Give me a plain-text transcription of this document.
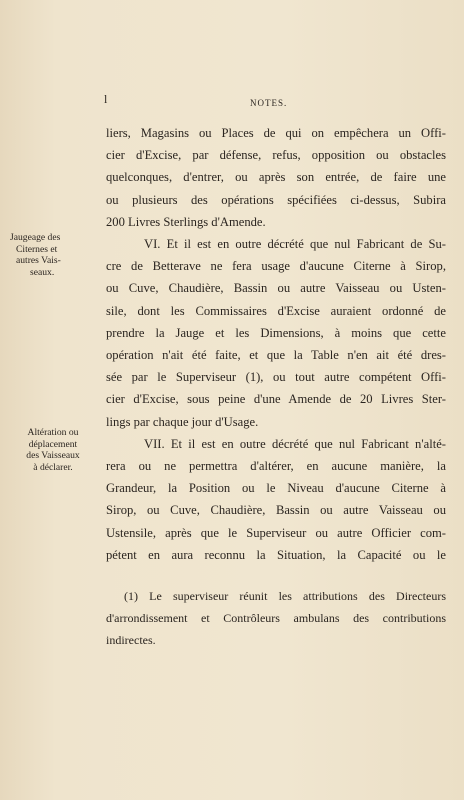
l	NOTES.
Jaugeage des
Citernes et
autres Vais-
seaux.
Altération ou
déplacement
des Vaisseaux
à déclarer.
liers, Magasins ou Places de qui on empêchera un Offi-
cier d'Excise, par défense, refus, opposition ou obstacles
quelconques, d'entrer, ou après son entrée, de faire une
ou plusieurs des opérations spécifiées ci-dessus, Subira
200 Livres Sterlings d'Amende.
VI. Et il est en outre décrété que nul Fabricant de Su-
cre de Betterave ne fera usage d'aucune Citerne à Sirop,
ou Cuve, Chaudière, Bassin ou autre Vaisseau ou Usten-
sile, dont les Commissaires d'Excise auraient ordonné de
prendre la Jauge et les Dimensions, à moins que cette
opération n'ait été faite, et que la Table n'en ait été dres-
sée par le Superviseur (1), ou tout autre compétent Offi-
cier d'Excise, sous peine d'une Amende de 20 Livres Ster-
lings par chaque jour d'Usage.
VII. Et il est en outre décrété que nul Fabricant n'alté-
rera ou ne permettra d'altérer, en aucune manière, la
Grandeur, la Position ou le Niveau d'aucune Citerne à
Sirop, ou Cuve, Chaudière, Bassin ou autre Vaisseau ou
Ustensile, après que le Superviseur ou autre Officier com-
pétent en aura reconnu la Situation, la Capacité ou le
(1) Le superviseur réunit les attributions des Directeurs
d'arrondissement et Contrôleurs ambulans des contributions
indirectes.
